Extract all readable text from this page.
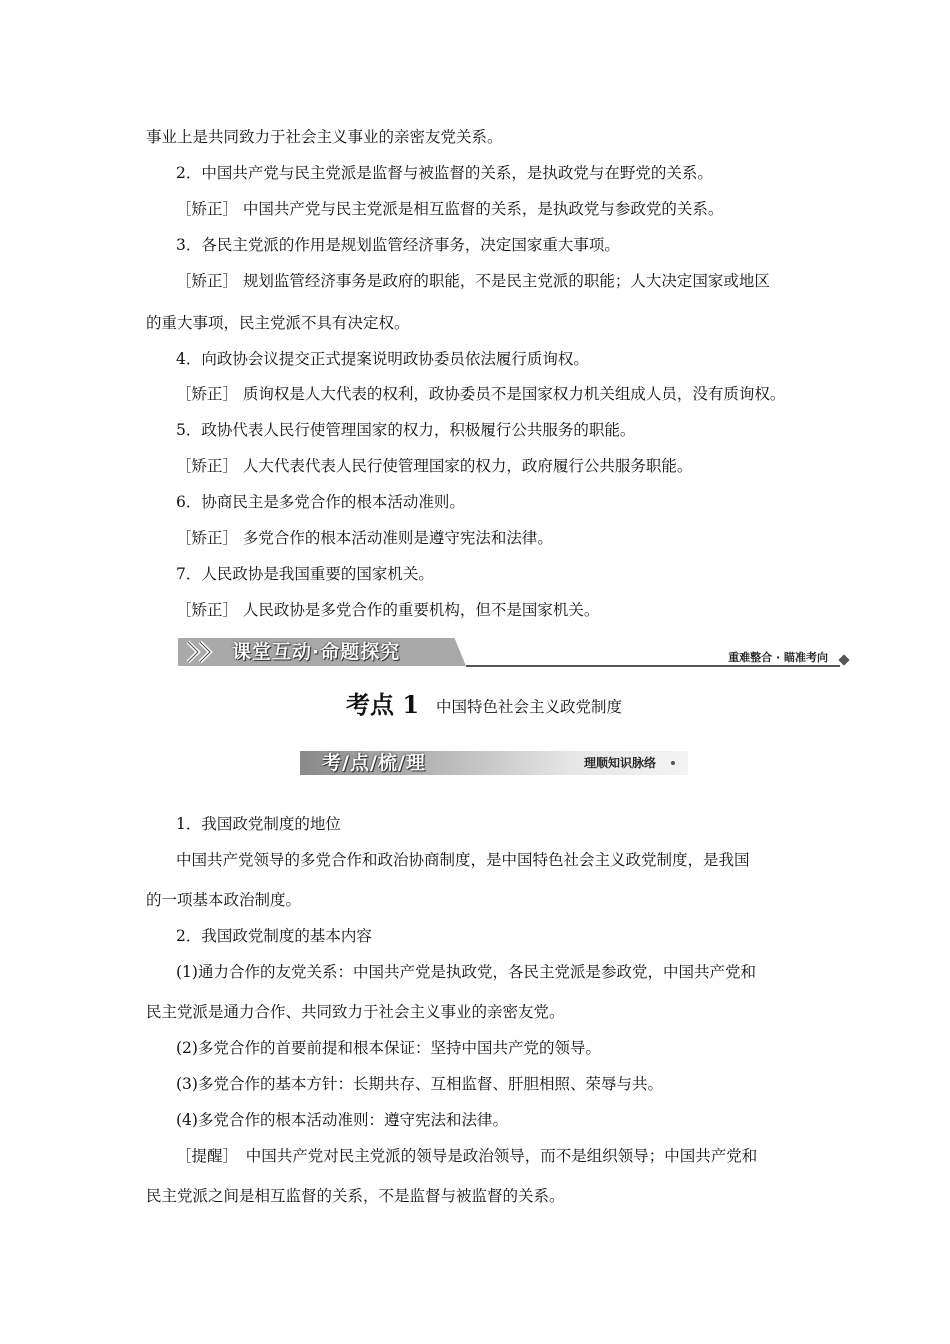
事业上是共同致力于社会主义事业的亲密友党关系。
2．中国共产党与民主党派是监督与被监督的关系，是执政党与在野党的关系。
［矫正］ 中国共产党与民主党派是相互监督的关系，是执政党与参政党的关系。
3．各民主党派的作用是规划监管经济事务，决定国家重大事项。
［矫正］ 规划监管经济事务是政府的职能，不是民主党派的职能；人大决定国家或地区
的重大事项，民主党派不具有决定权。
4．向政协会议提交正式提案说明政协委员依法履行质询权。
［矫正］ 质询权是人大代表的权利，政协委员不是国家权力机关组成人员，没有质询权。
5．政协代表人民行使管理国家的权力，积极履行公共服务的职能。
［矫正］ 人大代表代表人民行使管理国家的权力，政府履行公共服务职能。
6．协商民主是多党合作的根本活动准则。
［矫正］ 多党合作的根本活动准则是遵守宪法和法律。
7．人民政协是我国重要的国家机关。
［矫正］ 人民政协是多党合作的重要机构，但不是国家机关。
课堂互动·命题探究	重难整合 · 瞄准考向
考点 1 中国特色社会主义政党制度
考/点/梳/理	理顺知识脉络
1．我国政党制度的地位
中国共产党领导的多党合作和政治协商制度，是中国特色社会主义政党制度，是我国
的一项基本政治制度。
2．我国政党制度的基本内容
(1)通力合作的友党关系：中国共产党是执政党，各民主党派是参政党，中国共产党和
民主党派是通力合作、共同致力于社会主义事业的亲密友党。
(2)多党合作的首要前提和根本保证：坚持中国共产党的领导。
(3)多党合作的基本方针：长期共存、互相监督、肝胆相照、荣辱与共。
(4)多党合作的根本活动准则：遵守宪法和法律。
［提醒］　中国共产党对民主党派的领导是政治领导，而不是组织领导；中国共产党和
民主党派之间是相互监督的关系，不是监督与被监督的关系。
